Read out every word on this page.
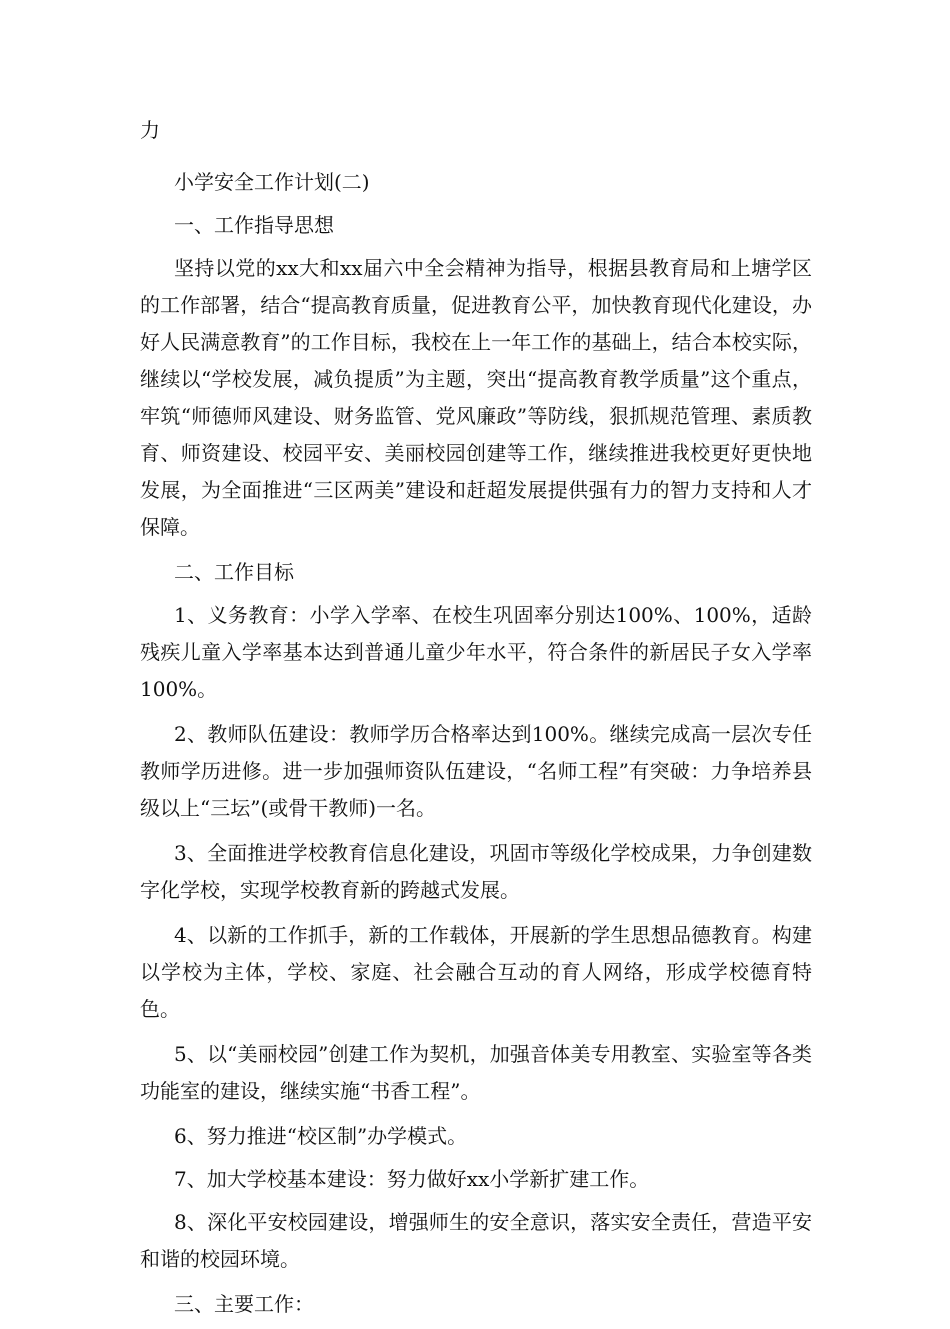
力

小学安全工作计划(二)

一、工作指导思想

坚持以党的xx大和xx届六中全会精神为指导，根据县教育局和上塘学区的工作部署，结合“提高教育质量，促进教育公平，加快教育现代化建设，办好人民满意教育”的工作目标，我校在上一年工作的基础上，结合本校实际，继续以“学校发展，减负提质”为主题，突出“提高教育教学质量”这个重点，牢筑“师德师风建设、财务监管、党风廉政”等防线，狠抓规范管理、素质教育、师资建设、校园平安、美丽校园创建等工作，继续推进我校更好更快地发展，为全面推进“三区两美”建设和赶超发展提供强有力的智力支持和人才保障。

二、工作目标

1、义务教育：小学入学率、在校生巩固率分别达100%、100%，适龄残疾儿童入学率基本达到普通儿童少年水平，符合条件的新居民子女入学率100%。

2、教师队伍建设：教师学历合格率达到100%。继续完成高一层次专任教师学历进修。进一步加强师资队伍建设，“名师工程”有突破：力争培养县级以上“三坛”(或骨干教师)一名。

3、全面推进学校教育信息化建设，巩固市等级化学校成果，力争创建数字化学校，实现学校教育新的跨越式发展。

4、以新的工作抓手，新的工作载体，开展新的学生思想品德教育。构建以学校为主体，学校、家庭、社会融合互动的育人网络，形成学校德育特色。

5、以“美丽校园”创建工作为契机，加强音体美专用教室、实验室等各类功能室的建设，继续实施“书香工程”。

6、努力推进“校区制”办学模式。

7、加大学校基本建设：努力做好xx小学新扩建工作。

8、深化平安校园建设，增强师生的安全意识，落实安全责任，营造平安和谐的校园环境。

三、主要工作：
